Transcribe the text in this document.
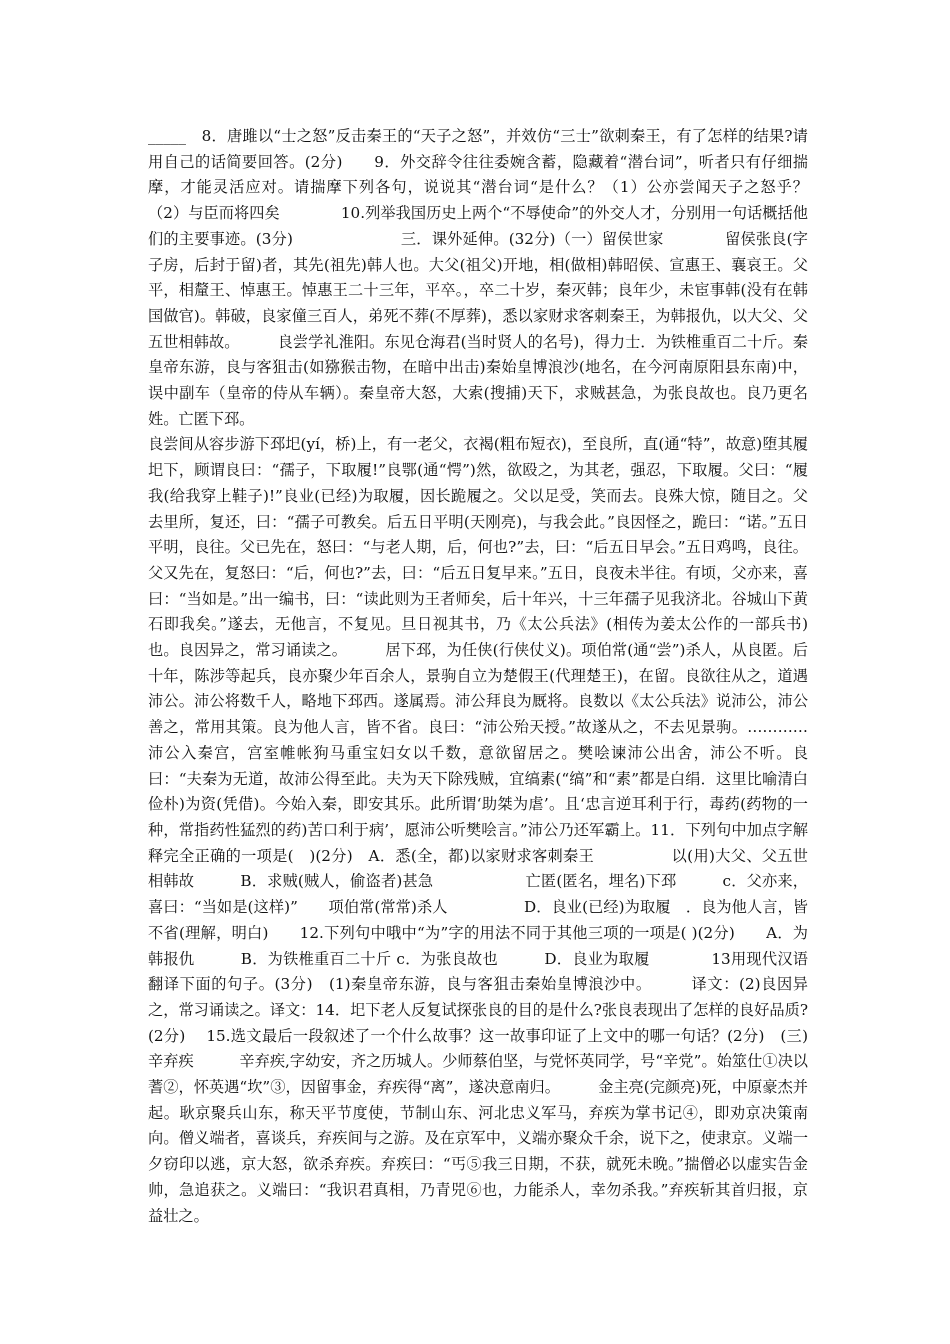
_____　8．唐雎以“士之怒”反击秦王的“天子之怒”，并效仿“三士”欲刺秦王，有了怎样的结果?请用自己的话简要回答。(2分)　　9．外交辞令往往委婉含蓄，隐藏着“潜台词”，听者只有仔细揣摩，才能灵活应对。请揣摩下列各句，说说其“潜台词“是什么？（1）公亦尝闻天子之怒乎？　　　　　　（2）与臣而将四矣　　　　10.列举我国历史上两个“不辱使命”的外交人才，分别用一句话概括他们的主要事迹。(3分)　　　　　　　三．课外延伸。(32分)（一）留侯世家　　　　留侯张良(字子房，后封于留)者，其先(祖先)韩人也。大父(祖父)开地，相(做相)韩昭侯、宣惠王、襄哀王。父平，相釐王、悼惠王。悼惠王二十三年，平卒。，卒二十岁，秦灭韩；良年少，未宦事韩(没有在韩国做官)。韩破，良家僮三百人，弟死不葬(不厚葬)，悉以家财求客刺秦王，为韩报仇，以大父、父五世相韩故。　　　良尝学礼淮阳。东见仓海君(当时贤人的名号)，得力士．为铁椎重百二十斤。秦皇帝东游，良与客狙击(如猕猴击物，在暗中出击)秦始皇博浪沙(地名，在今河南原阳县东南)中，误中副车（皇帝的侍从车辆）。秦皇帝大怒，大索(搜捕)天下，求贼甚急，为张良故也。良乃更名姓。亡匿下邳。

良尝间从容步游下邳圯(yí，桥)上，有一老父，衣褐(粗布短衣)，至良所，直(通“特”，故意)堕其履圯下，顾谓良曰：“孺子，下取履!”良鄂(通“愕”)然，欲殴之，为其老，强忍，下取履。父曰：“履我(给我穿上鞋子)!”良业(已经)为取履，因长跪履之。父以足受，笑而去。良殊大惊，随目之。父去里所，复还，曰：“孺子可教矣。后五日平明(天刚亮)，与我会此。”良因怪之，跪曰：“诺。”五日平明，良往。父已先在，怒曰：“与老人期，后，何也?”去，曰：“后五日早会。”五日鸡鸣，良往。父又先在，复怒曰：“后，何也?”去，曰：“后五日复早来。”五日，良夜未半往。有顷，父亦来，喜曰：“当如是。”出一编书，曰：“读此则为王者师矣，后十年兴，十三年孺子见我济北。谷城山下黄石即我矣。”遂去，无他言，不复见。旦日视其书，乃《太公兵法》(相传为姜太公作的一部兵书)也。良因异之，常习诵读之。　　　居下邳，为任侠(行侠仗义)。项伯常(通“尝”)杀人，从良匿。后十年，陈涉等起兵，良亦聚少年百余人，景驹自立为楚假王(代理楚王)，在留。良欲往从之，道遇沛公。沛公将数千人，略地下邳西。遂属焉。沛公拜良为厩将。良数以《太公兵法》说沛公，沛公善之，常用其策。良为他人言，皆不省。良曰：“沛公殆天授。”故遂从之，不去见景驹。…………　　　沛公入秦宫，宫室帷帐狗马重宝妇女以千数，意欲留居之。樊哙谏沛公出舍，沛公不听。良曰：“夫秦为无道，故沛公得至此。夫为天下除残贼，宜缟素(“缟”和“素”都是白绢．这里比喻清白俭朴)为资(凭借)。今始入秦，即安其乐。此所谓‘助桀为虐’。且‘忠言逆耳利于行，毒药(药物的一种，常指药性猛烈的药)苦口利于病’，愿沛公听樊哙言。”沛公乃还军霸上。11．下列句中加点字解释完全正确的一项是(　)(2分)　A．悉(全，都)以家财求客刺秦王　　　　　以(用)大父、父五世相韩故　　　B．求贼(贼人，偷盗者)甚急　　　　　　亡匿(匿名，埋名)下邳　　　c．父亦来，喜曰：“当如是(这样)”　　项伯常(常常)杀人　　　　　D．良业(已经)为取履　．良为他人言，皆不省(理解，明白)　　12.下列句中哦中“为”字的用法不同于其他三项的一项是( )(2分)　　A．为韩报仇　　　B．为铁椎重百二十斤 c．为张良故也　　　D．良业为取履　　　　13用现代汉语翻译下面的句子。(3分)　(1)秦皇帝东游，良与客狙击秦始皇博浪沙中。　　　译文：(2)良因异之，常习诵读之。译文：14．圯下老人反复试探张良的目的是什么?张良表现出了怎样的良好品质?(2分)　 15.选文最后一段叙述了一个什么故事？这一故事印证了上文中的哪一句话？(2分)　(三)辛弃疾　　　辛弃疾,字幼安，齐之历城人。少师蔡伯坚，与党怀英同学，号“辛党”。始筮仕①决以蓍②，怀英遇“坎”③，因留事金，弃疾得“离”，遂决意南归。　　　金主亮(完颜亮)死，中原豪杰并起。耿京聚兵山东，称天平节度使，节制山东、河北忠义军马，弃疾为掌书记④，即劝京决策南向。僧义端者，喜谈兵，弃疾间与之游。及在京军中，义端亦聚众千余，说下之，使隶京。义端一夕窃印以逃，京大怒，欲杀弃疾。弃疾曰：“丐⑤我三日期，不获，就死未晚。”揣僧必以虚实告金帅，急追获之。义端曰：“我识君真相，乃青兕⑥也，力能杀人，幸勿杀我。”弃疾斩其首归报，京益壮之。
